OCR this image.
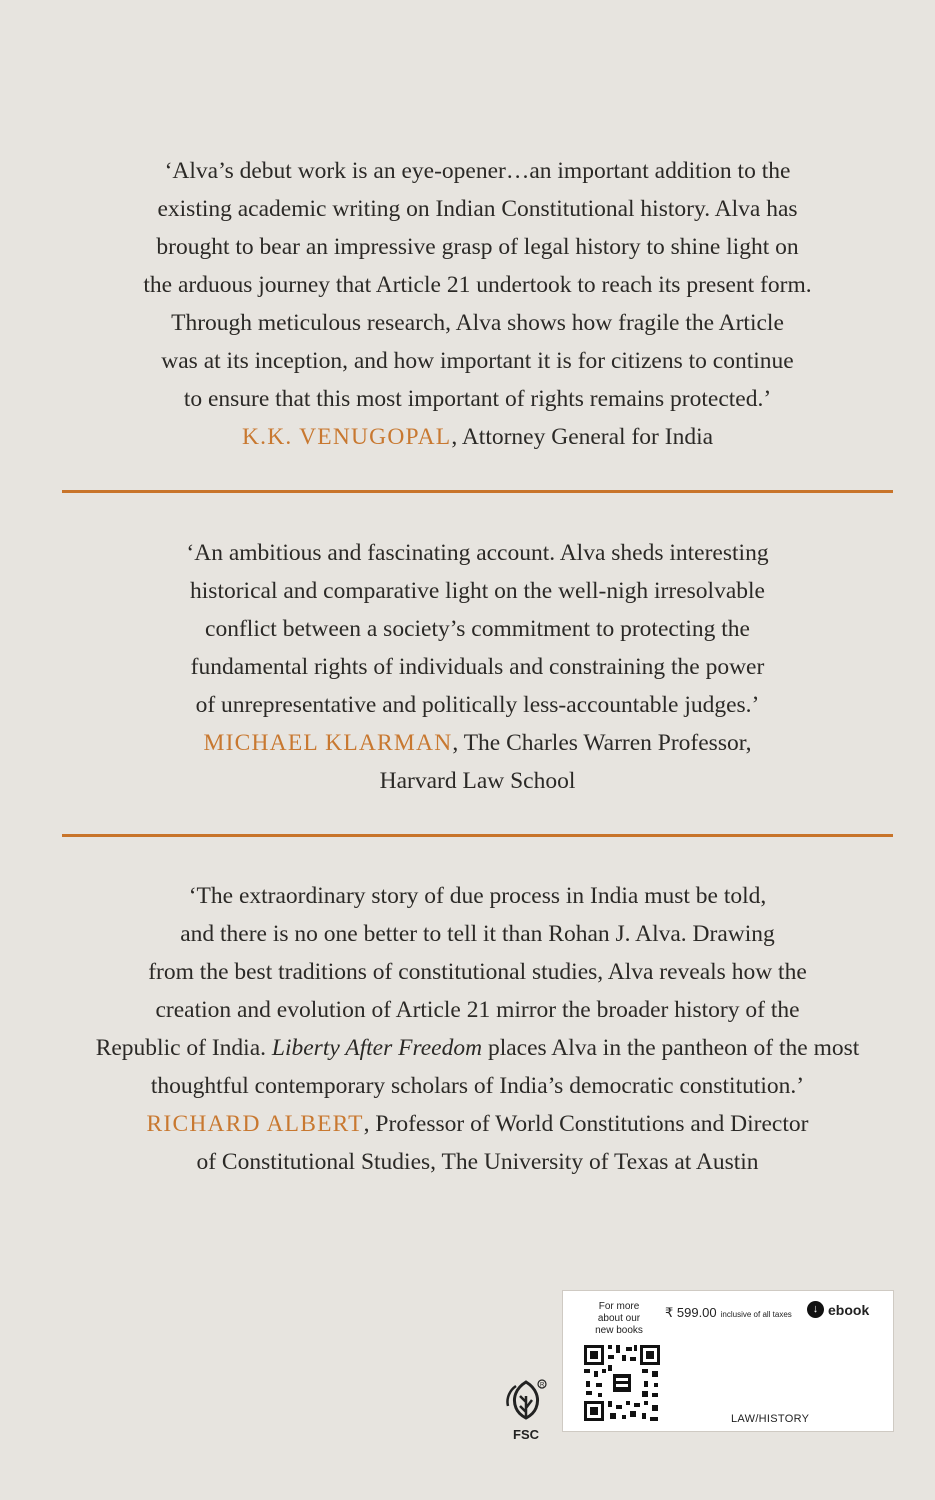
‘Alva’s debut work is an eye-opener…an important addition to the
existing academic writing on Indian Constitutional history. Alva has
brought to bear an impressive grasp of legal history to shine light on
the arduous journey that Article 21 undertook to reach its present form.
Through meticulous research, Alva shows how fragile the Article
was at its inception, and how important it is for citizens to continue
to ensure that this most important of rights remains protected.’

K.K. VENUGOPAL, Attorney General for India

‘An ambitious and fascinating account. Alva sheds interesting
historical and comparative light on the well-nigh irresolvable
conflict between a society’s commitment to protecting the
fundamental rights of individuals and constraining the power
of unrepresentative and politically less-accountable judges.’

MICHAEL KLARMAN, The Charles Warren Professor,

Harvard Law School

‘The extraordinary story of due process in India must be told,

and there is no one better to tell it than Rohan J. Alva. Drawing

from the best traditions of constitutional studies, Alva reveals how the

creation and evolution of Article 21 mirror the broader history of the

Republic of India. Liberty After Freedom places Alva in the pantheon of the most

thoughtful contemporary scholars of India’s democratic constitution.’

RICHARD ALBERT, Professor of World Constitutions and Director

of Constitutional Studies, The University of Texas at Austin

R
FSC
For more
about our
new books
₹ 599.00 inclusive of all taxes	↓ ebook
LAW/HISTORY
